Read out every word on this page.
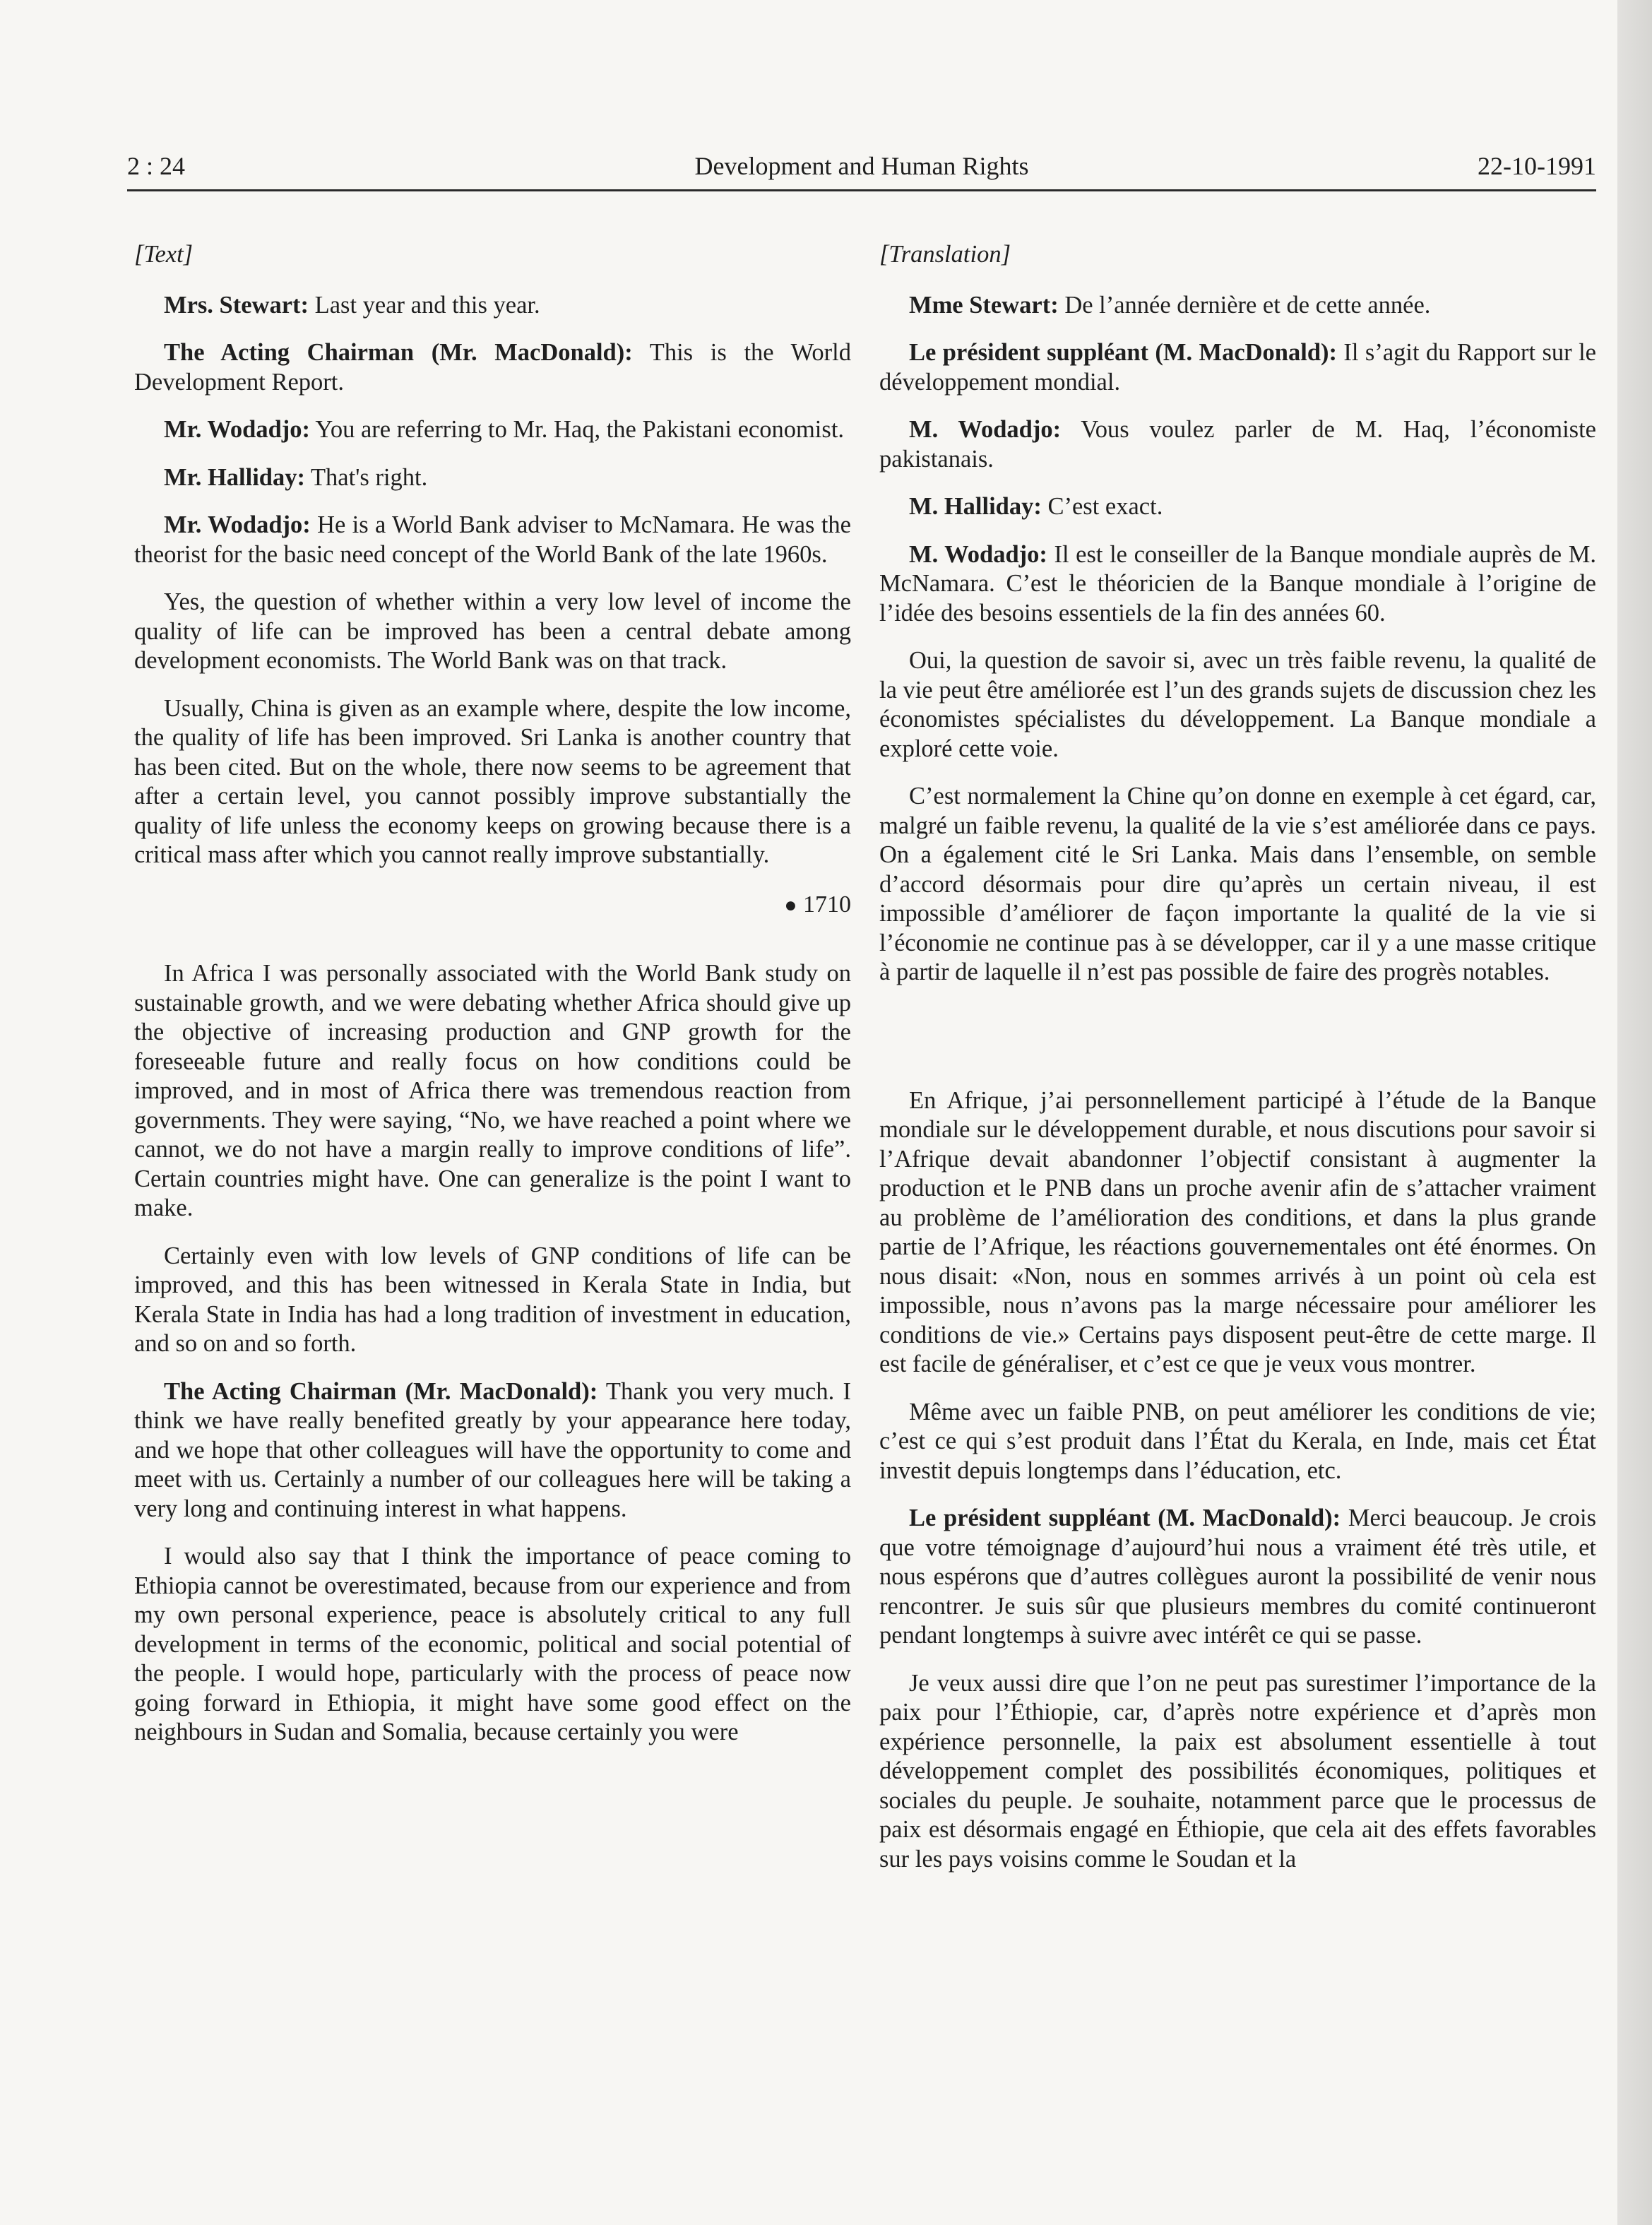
2 : 24	Development and Human Rights	22-10-1991

[Text]

Mrs. Stewart: Last year and this year.

The Acting Chairman (Mr. MacDonald): This is the World Development Report.

Mr. Wodadjo: You are referring to Mr. Haq, the Pakistani economist.

Mr. Halliday: That's right.

Mr. Wodadjo: He is a World Bank adviser to McNamara. He was the theorist for the basic need concept of the World Bank of the late 1960s.

Yes, the question of whether within a very low level of income the quality of life can be improved has been a central debate among development economists. The World Bank was on that track.

Usually, China is given as an example where, despite the low income, the quality of life has been improved. Sri Lanka is another country that has been cited. But on the whole, there now seems to be agreement that after a certain level, you cannot possibly improve substantially the quality of life unless the economy keeps on growing because there is a critical mass after which you cannot really improve substantially.

● 1710

In Africa I was personally associated with the World Bank study on sustainable growth, and we were debating whether Africa should give up the objective of increasing production and GNP growth for the foreseeable future and really focus on how conditions could be improved, and in most of Africa there was tremendous reaction from governments. They were saying, “No, we have reached a point where we cannot, we do not have a margin really to improve conditions of life”. Certain countries might have. One can generalize is the point I want to make.

Certainly even with low levels of GNP conditions of life can be improved, and this has been witnessed in Kerala State in India, but Kerala State in India has had a long tradition of investment in education, and so on and so forth.

The Acting Chairman (Mr. MacDonald): Thank you very much. I think we have really benefited greatly by your appearance here today, and we hope that other colleagues will have the opportunity to come and meet with us. Certainly a number of our colleagues here will be taking a very long and continuing interest in what happens.

I would also say that I think the importance of peace coming to Ethiopia cannot be overestimated, because from our experience and from my own personal experience, peace is absolutely critical to any full development in terms of the economic, political and social potential of the people. I would hope, particularly with the process of peace now going forward in Ethiopia, it might have some good effect on the neighbours in Sudan and Somalia, because certainly you were

[Translation]

Mme Stewart: De l’année dernière et de cette année.

Le président suppléant (M. MacDonald): Il s’agit du Rapport sur le développement mondial.

M. Wodadjo: Vous voulez parler de M. Haq, l’économiste pakistanais.

M. Halliday: C’est exact.

M. Wodadjo: Il est le conseiller de la Banque mondiale auprès de M. McNamara. C’est le théoricien de la Banque mondiale à l’origine de l’idée des besoins essentiels de la fin des années 60.

Oui, la question de savoir si, avec un très faible revenu, la qualité de la vie peut être améliorée est l’un des grands sujets de discussion chez les économistes spécialistes du développement. La Banque mondiale a exploré cette voie.

C’est normalement la Chine qu’on donne en exemple à cet égard, car, malgré un faible revenu, la qualité de la vie s’est améliorée dans ce pays. On a également cité le Sri Lanka. Mais dans l’ensemble, on semble d’accord désormais pour dire qu’après un certain niveau, il est impossible d’améliorer de façon importante la qualité de la vie si l’économie ne continue pas à se développer, car il y a une masse critique à partir de laquelle il n’est pas possible de faire des progrès notables.

En Afrique, j’ai personnellement participé à l’étude de la Banque mondiale sur le développement durable, et nous discutions pour savoir si l’Afrique devait abandonner l’objectif consistant à augmenter la production et le PNB dans un proche avenir afin de s’attacher vraiment au problème de l’amélioration des conditions, et dans la plus grande partie de l’Afrique, les réactions gouvernementales ont été énormes. On nous disait: «Non, nous en sommes arrivés à un point où cela est impossible, nous n’avons pas la marge nécessaire pour améliorer les conditions de vie.» Certains pays disposent peut-être de cette marge. Il est facile de généraliser, et c’est ce que je veux vous montrer.

Même avec un faible PNB, on peut améliorer les conditions de vie; c’est ce qui s’est produit dans l’État du Kerala, en Inde, mais cet État investit depuis longtemps dans l’éducation, etc.

Le président suppléant (M. MacDonald): Merci beaucoup. Je crois que votre témoignage d’aujourd’hui nous a vraiment été très utile, et nous espérons que d’autres collègues auront la possibilité de venir nous rencontrer. Je suis sûr que plusieurs membres du comité continueront pendant longtemps à suivre avec intérêt ce qui se passe.

Je veux aussi dire que l’on ne peut pas surestimer l’importance de la paix pour l’Éthiopie, car, d’après notre expérience et d’après mon expérience personnelle, la paix est absolument essentielle à tout développement complet des possibilités économiques, politiques et sociales du peuple. Je souhaite, notamment parce que le processus de paix est désormais engagé en Éthiopie, que cela ait des effets favorables sur les pays voisins comme le Soudan et la
